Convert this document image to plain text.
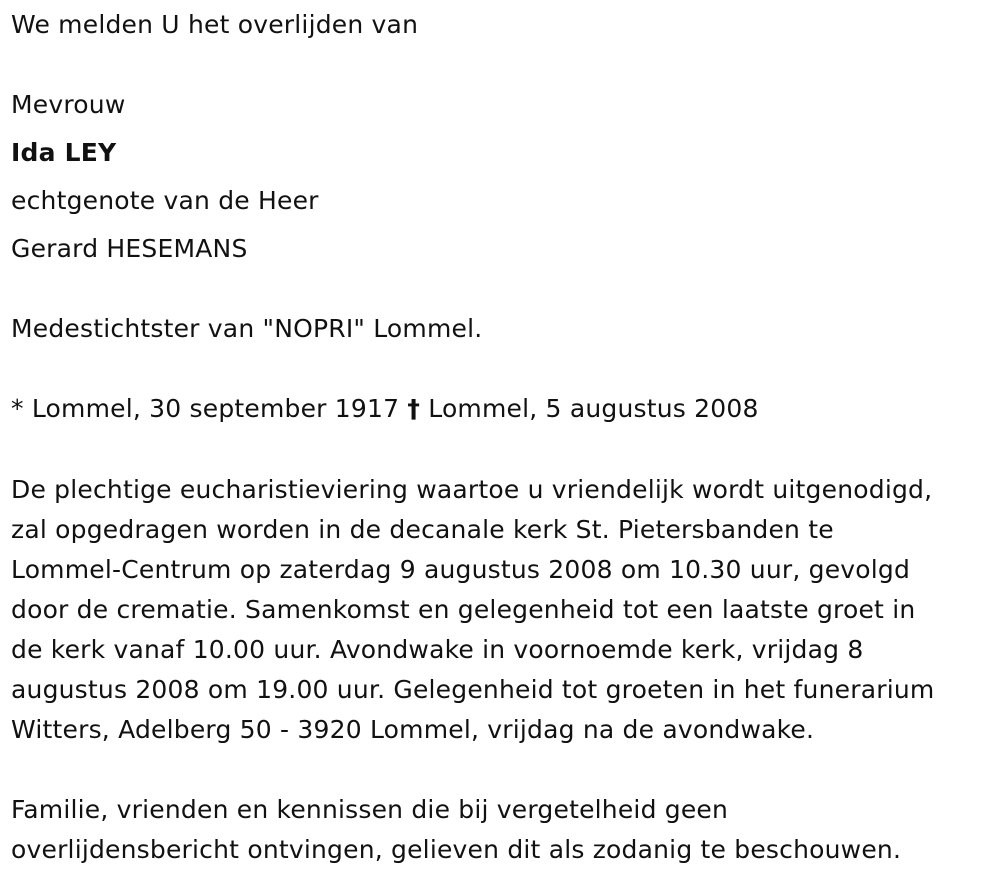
We melden U het overlijden van
Mevrouw
Ida LEY
echtgenote van de Heer
Gerard HESEMANS
Medestichtster van "NOPRI" Lommel.
* Lommel, 30 september 1917 † Lommel, 5 augustus 2008
De plechtige eucharistieviering waartoe u vriendelijk wordt uitgenodigd,
zal opgedragen worden in de decanale kerk St. Pietersbanden te
Lommel-Centrum op zaterdag 9 augustus 2008 om 10.30 uur, gevolgd
door de crematie. Samenkomst en gelegenheid tot een laatste groet in
de kerk vanaf 10.00 uur. Avondwake in voornoemde kerk, vrijdag 8
augustus 2008 om 19.00 uur. Gelegenheid tot groeten in het funerarium
Witters, Adelberg 50 - 3920 Lommel, vrijdag na de avondwake.
Familie, vrienden en kennissen die bij vergetelheid geen
overlijdensbericht ontvingen, gelieven dit als zodanig te beschouwen.
